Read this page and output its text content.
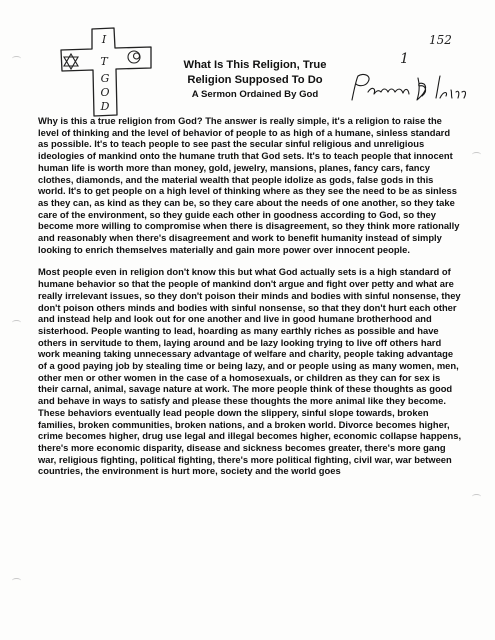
I
T
G
O
D
What Is This Religion, True
Religion Supposed To Do
A Sermon Ordained By God
152
1

Why is this a true religion from God? The answer is really simple, it's a religion to raise the level of thinking and the level of behavior of people to as high of a humane, sinless standard as possible. It's to teach people to see past the secular sinful religious and unreligious ideologies of mankind onto the humane truth that God sets. It's to teach people that innocent human life is worth more than money, gold, jewelry, mansions, planes, fancy cars, fancy clothes, diamonds, and the material wealth that people idolize as gods, false gods in this world. It's to get people on a high level of thinking where as they see the need to be as sinless as they can, as kind as they can be, so they care about the needs of one another, so they take care of the environment, so they guide each other in goodness according to God, so they become more willing to compromise when there is disagreement, so they think more rationally and reasonably when there's disagreement and work to benefit humanity instead of simply looking to enrich themselves materially and gain more power over innocent people.

Most people even in religion don't know this but what God actually sets is a high standard of humane behavior so that the people of mankind don't argue and fight over petty and what are really irrelevant issues, so they don't poison their minds and bodies with sinful nonsense, they don't poison others minds and bodies with sinful nonsense, so that they don't hurt each other and instead help and look out for one another and live in good humane brotherhood and sisterhood. People wanting to lead, hoarding as many earthly riches as possible and have others in servitude to them, laying around and be lazy looking trying to live off others hard work meaning taking unnecessary advantage of welfare and charity, people taking advantage of a good paying job by stealing time or being lazy, and or people using as many women, men, other men or other women in the case of a homosexuals, or children as they can for sex is their carnal, animal, savage nature at work. The more people think of these thoughts as good and behave in ways to satisfy and please these thoughts the more animal like they become. These behaviors eventually lead people down the slippery, sinful slope towards, broken families, broken communities, broken nations, and a broken world. Divorce becomes higher, crime becomes higher, drug use legal and illegal becomes higher, economic collapse happens, there's more economic disparity, disease and sickness becomes greater, there's more gang war, religious fighting, political fighting, there's more political fighting, civil war, war between countries, the environment is hurt more, society and the world goes
